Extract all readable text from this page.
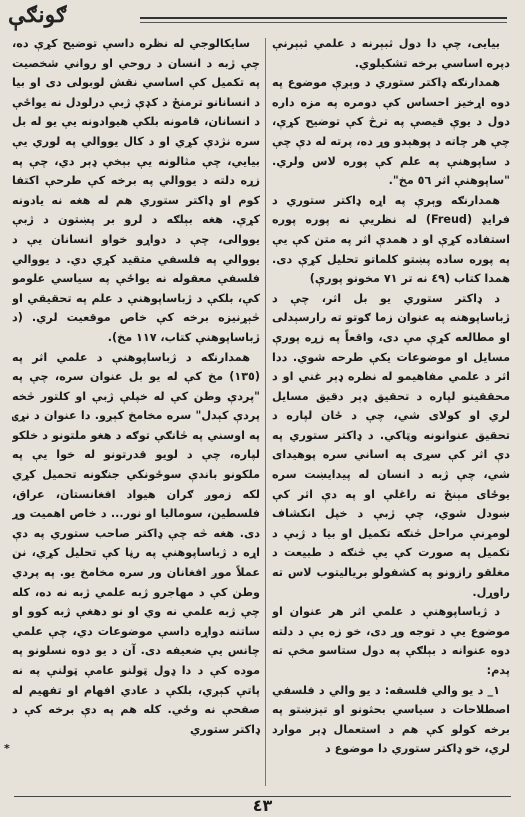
ګونګې

بیایی، چې دا دول ثبېرنه د علمي ثبېرنې دپره اساسي برخه تشکیلوي.

همدارنګه ډاکتر ستوري د وېږې موضوع په دوه اړخیز احساس کې دومره په مزه داره دول د یوې قیصې په ترڅ کې توضیح کړې، چې هر چاته د پوهېدو وړ ده، پرته له دې چې د ساپوهنې په علم کې پوره لاس ولري. "ساپوهنې اثر ٥٦ مخ".

همدارنګه وېرې په اړه ډاکتر ستوري د فرایډ (Freud) له نظریې نه پوره پوره استفاده کړې او د همدې اثر په متن کې یې په پوره ساده پښتو کلماتو تحلیل کړې دی. همدا کتاب (٤٩ نه تر ٧١ مخونو پورې)

د ډاکتر ستوري یو بل اثر، چې د ژباساپوهنه په عنوان زما ګوتو ته رارسېدلی او مطالعه کړې مې دی، واقعاً په زړه پورې مسایل او موضوعات یکې طرحه شوي. ددا اثر د علمي مفاهیمو له نظره ډېر غني او د محققینو لپاره د تحقیق ډېر دقیق مسایل لري او کولای شي، چې د ځان لپاره د تحقیق عنوانونه وټاکي. د ډاکتر ستوري په دې اثر کې سړی په اساني سره پوهیدای شي، چې ژبه د انسان له پیدایښت سره یوځای مېنځ ته راغلې او په دې اثر کې ښودل شوي، چې ژبې د خپل انکشاف لومړنې مراحل څنګه تکمیل او بیا د ژبې د تکمیل په صورت کې یې څنګه د طبیعت د مغلقو رازونو په کشفولو بریالیتوب لاس ته راوړل.

د ژباساپوهنې د علمي اثر هر عنوان او موضوع یې د توجه وړ دی، خو زه یې د دلته دوه عنوانه د بېلګې په دول ستاسو مخې ته پدم:

۱_ د یو والي فلسفه: د یو والي د فلسفي اصطلاحات د سیاسي بحثونو او تېزښتو په برخه کولو کې هم د استعمال ډېر موارد لري، خو ډاکتر ستوري دا موضوع د

سایکالوجي له نظره داسې توضیح کړې ده، چې ژبه د انسان د روحي او رواني شخصیت په تکمیل کې اساسي نقش لوبولی دی او بیا د انسانانو ترمنځ د کډې ژبې درلودل نه یواځې د انسانان، قامونه بلکې هیوادونه یې یو له بل سره نژدې کړي او د کال یووالي په لوري یې بیایي، چې مثالونه یې بېخې ډېر دي، چې په زړه دلته د یووالي په برخه کې طرحې اکتفا کوم او ډاکتر ستوري هم له هغه نه یادونه کړې. هغه بېلګه د لرو بر پښتون د ژبې یووالی، چې د دواړو خواو انسانان یې د یووالي په فلسفي متقید کړي دي. د یووالي فلسفې معقوله نه یواځې په سیاسي علومو کې، بلکې د ژباساپوهنې د علم په تحقیقي او څېړنیزه برخه کې خاص موقعیت لري. (د ژباساپوهنې کتاب، ١١٧ مخ).

همدارنګه د ژباساپوهنې د علمي اثر په (١٣٥) مخ کې له یو بل عنوان سره، چې په "پردې وطن کې له خپلې ژبې او کلتور څخه پردې کېدل" سره مخامخ کېږو. دا عنوان د نړۍ په اوسني په څانګې توګه د هغو ملتونو د خلکو لپاره، چې د لویو قدرتونو له خوا یې په ملکونو باندې سوځونکي جنګونه تحمیل کړي لکه زموږ ګران هیواد افغانستان، عراق، فلسطین، سومالیا او نور... د خاص اهمیت وړ دی. هغه څه چې ډاکتر صاحب ستوري په دې اړه د ژباساپوهنې په رڼا کې تحلیل کړي، نن عملاً موږ افغانان ور سره مخامخ یو. په پردي وطن کې د مهاجرو ژبه علمي ژبه نه ده، کله چې ژبه علمي نه وي او نو دهغې ژبه کوو او ساتنه دواړه داسې موضوعات دي، چې علمي چانس یې ضعیفه دی. آن د یو دوه نسلونو په موده کې د دا ډول ټولنو عامې ټولنې په نه پاتې کېږي، بلکې د عادي افهام او تفهیم له صفحې نه وځي. کله هم په دې برخه کې د ډاکتر ستوري

*
٤٣
